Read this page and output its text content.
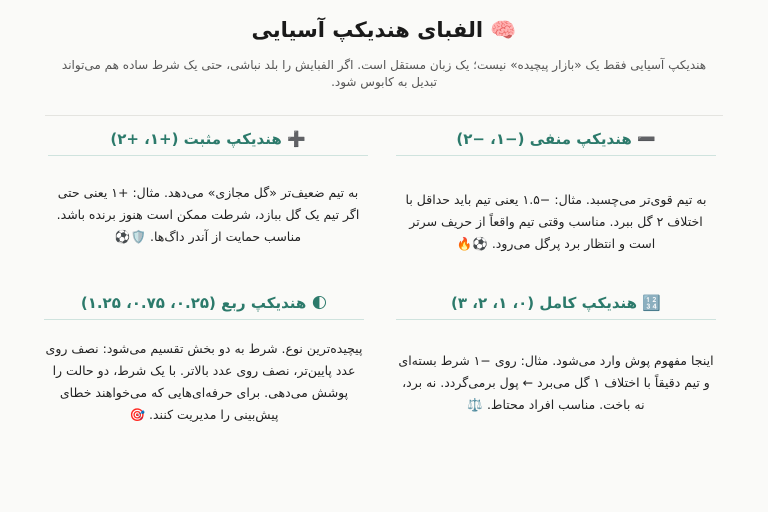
🧠 الفبای هندیکپ آسیایی
هندیکپ آسیایی فقط یک «بازار پیچیده» نیست؛ یک زبان مستقل است. اگر الفبایش را بلد نباشی، حتی یک شرط ساده هم می‌تواند تبدیل به کابوس شود.
➖ هندیکپ منفی (−۱، −۲)

به تیم قوی‌تر می‌چسبد. مثال: −۱.۵ یعنی تیم باید حداقل با اختلاف ۲ گل ببرد. مناسب وقتی تیم واقعاً از حریف سرتر است و انتظار برد پرگل می‌رود. ⚽🔥

➕ هندیکپ مثبت (+۱، +۲)

به تیم ضعیف‌تر «گل مجازی» می‌دهد. مثال: +۱ یعنی حتی اگر تیم یک گل ببازد، شرطت ممکن است هنوز برنده باشد. مناسب حمایت از آندر داگ‌ها. 🛡️⚽

🔢 هندیکپ کامل (۰، ۱، ۲، ۳)

اینجا مفهوم پوش وارد می‌شود. مثال: روی −۱ شرط بسته‌ای و تیم دقیقاً با اختلاف ۱ گل می‌برد ← پول برمی‌گردد. نه برد، نه باخت. مناسب افراد محتاط. ⚖️

🌓 هندیکپ ربع (۰.۲۵، ۰.۷۵، ۱.۲۵)

پیچیده‌ترین نوع. شرط به دو بخش تقسیم می‌شود: نصف روی عدد پایین‌تر، نصف روی عدد بالاتر. با یک شرط، دو حالت را پوشش می‌دهی. برای حرفه‌ای‌هایی که می‌خواهند خطای پیش‌بینی را مدیریت کنند. 🎯
